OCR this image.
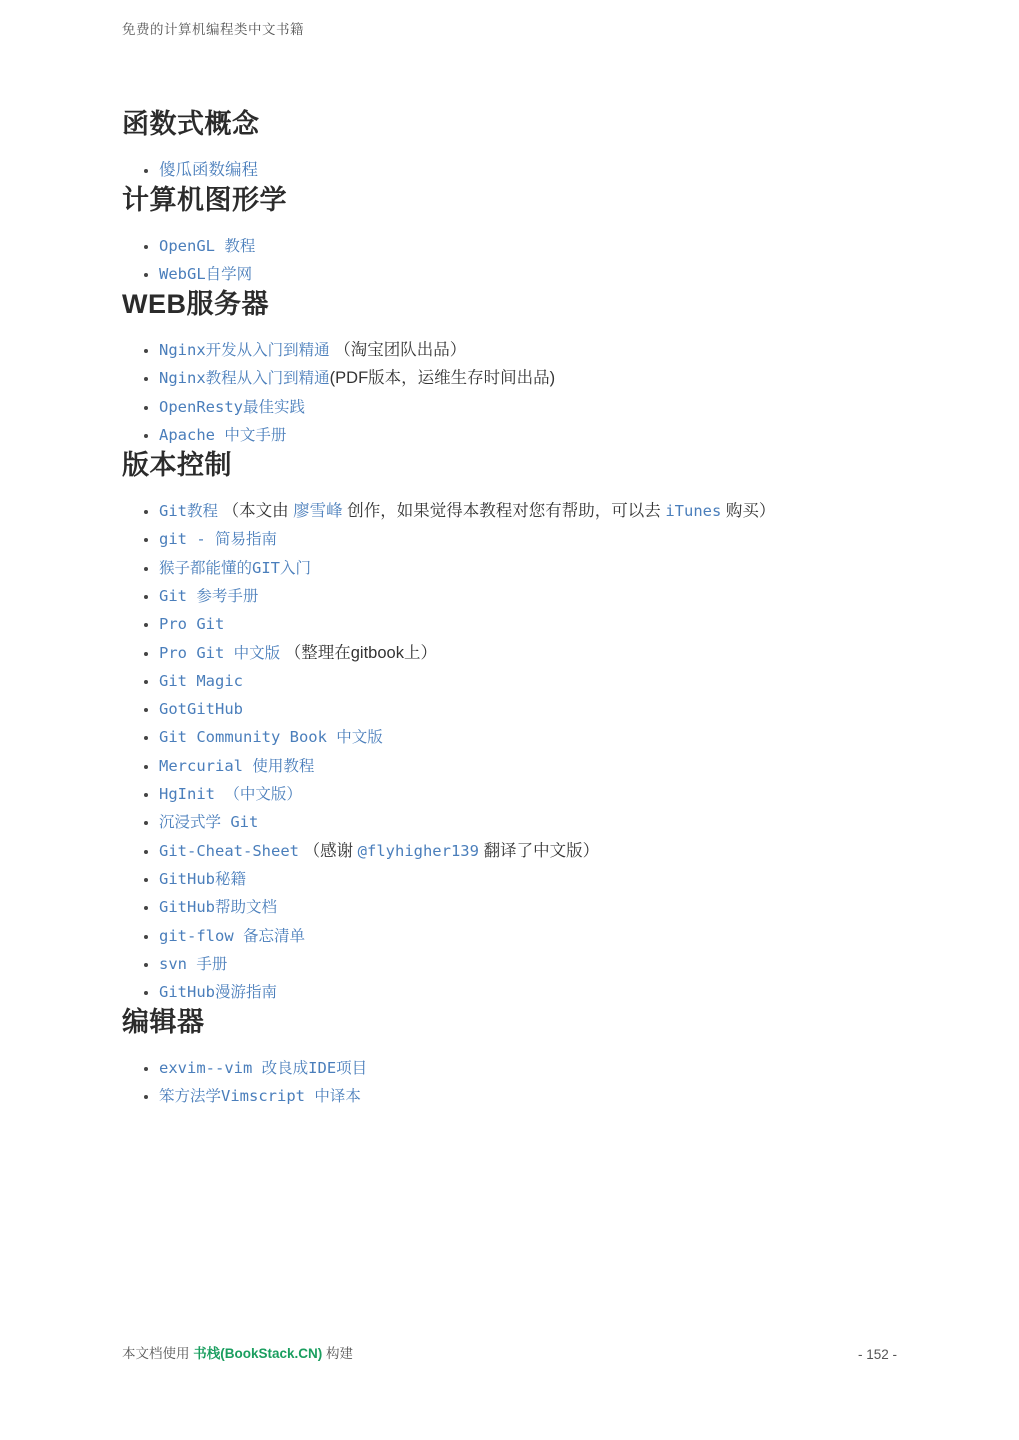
免费的计算机编程类中文书籍
函数式概念
• 傻瓜函数编程
计算机图形学
• OpenGL 教程
• WebGL自学网
WEB服务器
• Nginx开发从入门到精通 （淘宝团队出品）
• Nginx教程从入门到精通(PDF版本，运维生存时间出品)
• OpenResty最佳实践
• Apache 中文手册
版本控制
• Git教程 （本文由 廖雪峰 创作，如果觉得本教程对您有帮助，可以去 iTunes 购买）
• git - 简易指南
• 猴子都能懂的GIT入门
• Git 参考手册
• Pro Git
• Pro Git 中文版 （整理在gitbook上）
• Git Magic
• GotGitHub
• Git Community Book 中文版
• Mercurial 使用教程
• HgInit （中文版）
• 沉浸式学 Git
• Git-Cheat-Sheet （感谢 @flyhigher139 翻译了中文版）
• GitHub秘籍
• GitHub帮助文档
• git-flow 备忘清单
• svn 手册
• GitHub漫游指南
编辑器
• exvim--vim 改良成IDE项目
• 笨方法学Vimscript 中译本
本文档使用 书栈(BookStack.CN) 构建	- 152 -
